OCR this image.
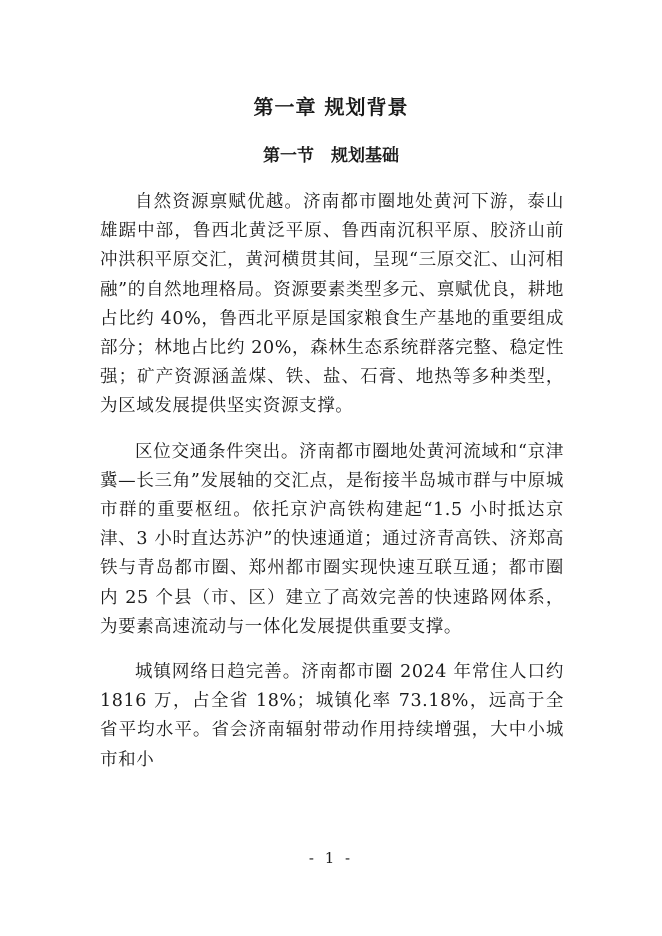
第一章 规划背景
第一节　规划基础

自然资源禀赋优越。济南都市圈地处黄河下游，泰山雄踞中部，鲁西北黄泛平原、鲁西南沉积平原、胶济山前冲洪积平原交汇，黄河横贯其间，呈现“三原交汇、山河相融”的自然地理格局。资源要素类型多元、禀赋优良，耕地占比约 40%，鲁西北平原是国家粮食生产基地的重要组成部分；林地占比约 20%，森林生态系统群落完整、稳定性强；矿产资源涵盖煤、铁、盐、石膏、地热等多种类型，为区域发展提供坚实资源支撑。

区位交通条件突出。济南都市圈地处黄河流域和“京津冀—长三角”发展轴的交汇点，是衔接半岛城市群与中原城市群的重要枢纽。依托京沪高铁构建起“1.5 小时抵达京津、3 小时直达苏沪”的快速通道；通过济青高铁、济郑高铁与青岛都市圈、郑州都市圈实现快速互联互通；都市圈内 25 个县（市、区）建立了高效完善的快速路网体系，为要素高速流动与一体化发展提供重要支撑。

城镇网络日趋完善。济南都市圈 2024 年常住人口约 1816 万，占全省 18%；城镇化率 73.18%，远高于全省平均水平。省会济南辐射带动作用持续增强，大中小城市和小

- 1 -
